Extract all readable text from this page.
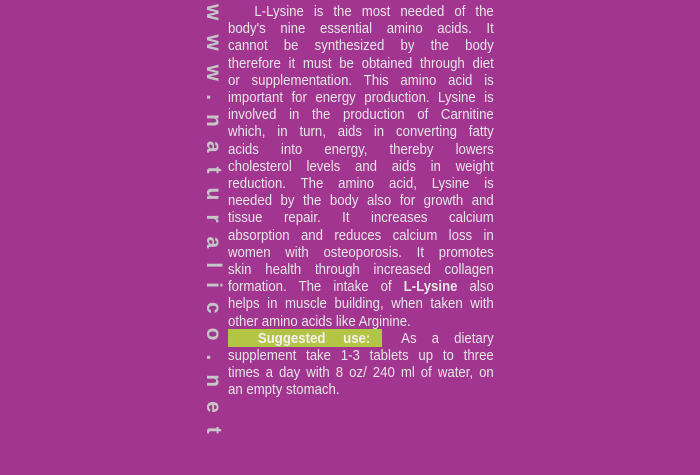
www.naturalico.net	L-Lysine is the most needed of the
body's nine essential amino acids. It
cannot be synthesized by the body
therefore it must be obtained through diet
or supplementation. This amino acid is
important for energy production. Lysine is
involved in the production of Carnitine
which, in turn, aids in converting fatty
acids into energy, thereby lowers
cholesterol levels and aids in weight
reduction. The amino acid, Lysine is
needed by the body also for growth and
tissue repair. It increases calcium
absorption and reduces calcium loss in
women with osteoporosis. It promotes
skin health through increased collagen
formation. The intake of L-Lysine also
helps in muscle building, when taken with
other amino acids like Arginine.
Suggested use: As a dietary
supplement take 1-3 tablets up to three
times a day with 8 oz/ 240 ml of water, on
an empty stomach.
